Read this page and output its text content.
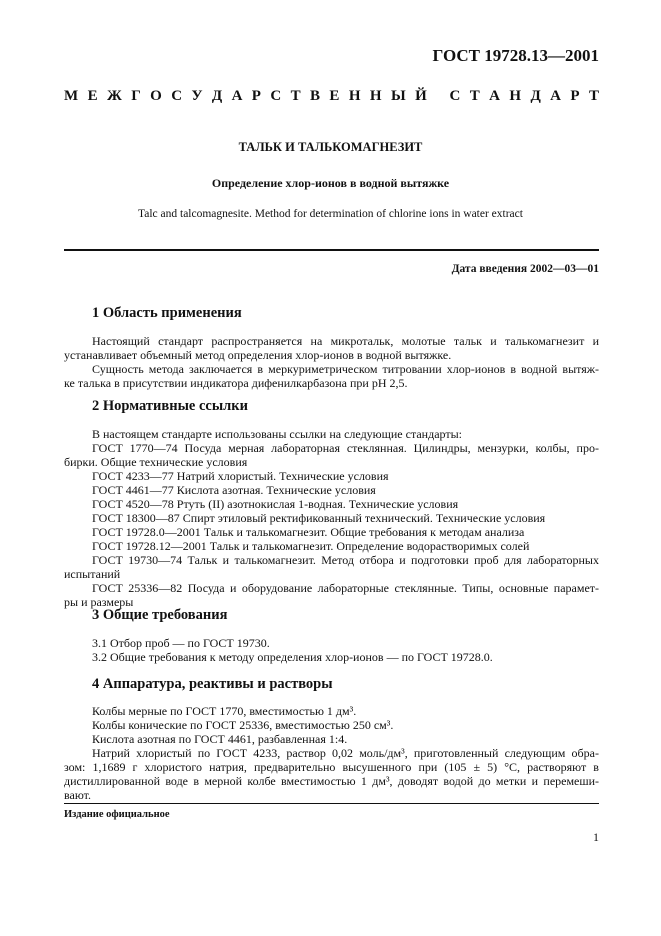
ГОСТ 19728.13—2001
М Е Ж Г О С У Д А Р С Т В Е Н Н Ы Й С Т А Н Д А Р Т
ТАЛЬК И ТАЛЬКОМАГНЕЗИТ
Определение хлор-ионов в водной вытяжке
Talc and talcomagnesite. Method for determination of chlorine ions in water extract
Дата введения 2002—03—01
1 Область применения
Настоящий стандарт распространяется на микротальк, молотые тальк и талькомагнезит и
устанавливает объемный метод определения хлор-ионов в водной вытяжке.
Сущность метода заключается в меркуриметрическом титровании хлор-ионов в водной вытяж-
ке талька в присутствии индикатора дифенилкарбазона при pH 2,5.
2 Нормативные ссылки
В настоящем стандарте использованы ссылки на следующие стандарты:
ГОСТ 1770—74 Посуда мерная лабораторная стеклянная. Цилиндры, мензурки, колбы, про-
бирки. Общие технические условия
ГОСТ 4233—77 Натрий хлористый. Технические условия
ГОСТ 4461—77 Кислота азотная. Технические условия
ГОСТ 4520—78 Ртуть (II) азотнокислая 1-водная. Технические условия
ГОСТ 18300—87 Спирт этиловый ректификованный технический. Технические условия
ГОСТ 19728.0—2001 Тальк и талькомагнезит. Общие требования к методам анализа
ГОСТ 19728.12—2001 Тальк и талькомагнезит. Определение водорастворимых солей
ГОСТ 19730—74 Тальк и талькомагнезит. Метод отбора и подготовки проб для лабораторных
испытаний
ГОСТ 25336—82 Посуда и оборудование лабораторные стеклянные. Типы, основные парамет-
ры и размеры
3 Общие требования
3.1 Отбор проб — по ГОСТ 19730.
3.2 Общие требования к методу определения хлор-ионов — по ГОСТ 19728.0.
4 Аппаратура, реактивы и растворы
Колбы мерные по ГОСТ 1770, вместимостью 1 дм³.
Колбы конические по ГОСТ 25336, вместимостью 250 см³.
Кислота азотная по ГОСТ 4461, разбавленная 1:4.
Натрий хлористый по ГОСТ 4233, раствор 0,02 моль/дм³, приготовленный следующим обра-
зом: 1,1689 г хлористого натрия, предварительно высушенного при (105 ± 5) °С, растворяют в
дистиллированной воде в мерной колбе вместимостью 1 дм³, доводят водой до метки и перемеши-
вают.
Издание официальное
1
